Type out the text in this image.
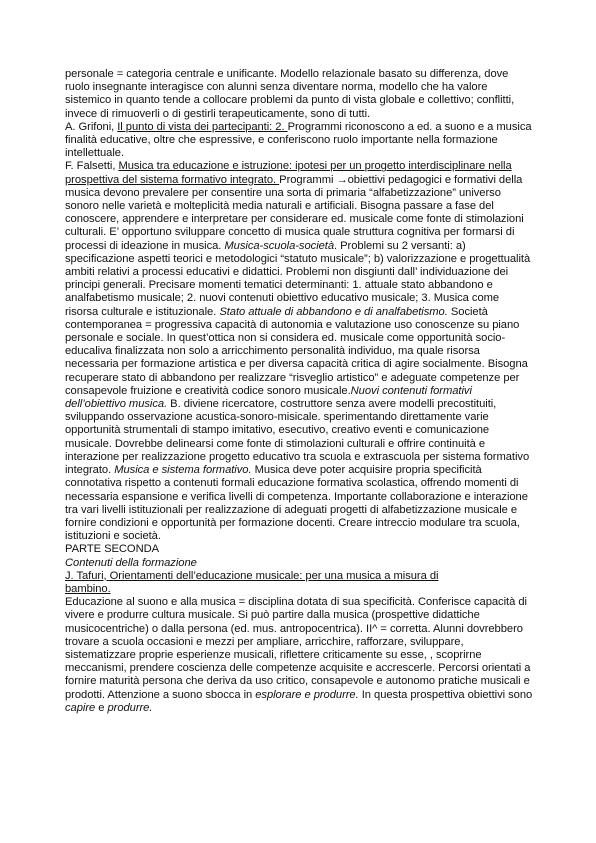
personale = categoria centrale e unificante. Modello relazionale basato su differenza, dove ruolo insegnante interagisce con alunni senza diventare norma, modello che ha valore sistemico in quanto tende a collocare problemi da punto di vista globale e collettivo; conflitti, invece di rimuoverli o di gestirli terapeuticamente, sono di tutti.

A. Grifoni, Il punto di vista dei partecipanti: 2. Programmi riconoscono a ed. a suono e a musica finalità educative, oltre che espressive, e conferiscono ruolo importante nella formazione intellettuale.

F. Falsetti, Musica tra educazione e istruzione: ipotesi per un progetto interdisciplinare nella prospettiva del sistema formativo integrato. Programmi →obiettivi pedagogici e formativi della musica devono prevalere per consentire una sorta di primaria “alfabetizzazione” universo sonoro nelle varietà e molteplicità media naturali e artificiali. Bisogna passare a fase del conoscere, apprendere e interpretare per considerare ed. musicale come fonte di stimolazioni culturali. E’ opportuno sviluppare concetto di musica quale struttura cognitiva per formarsi di processi di ideazione in musica. Musica-scuola-società. Problemi su 2 versanti: a) specificazione aspetti teorici e metodologici “statuto musicale”; b) valorizzazione e progettualità ambiti relativi a processi educativi e didattici. Problemi non disgiunti dall’ individuazione dei principi generali. Precisare momenti tematici determinanti: 1. attuale stato abbandono e analfabetismo musicale; 2. nuovi contenuti obiettivo educativo musicale; 3. Musica come risorsa culturale e istituzionale. Stato attuale di abbandono e di analfabetismo. Società contemporanea = progressiva capacità di autonomia e valutazione uso conoscenze su piano personale e sociale. In quest’ottica non si considera ed. musicale come opportunità socio-educaliva finalizzata non solo a arricchimento personalità individuo, ma quale risorsa necessaria per formazione artistica e per diversa capacità critica di agire socialmente. Bisogna recuperare stato di abbandono per realizzare “risveglio artistico” e adeguate competenze per consapevole fruizione e creatività codice sonoro musicale.Nuovi contenuti formativi dell’obiettivo musica. B. diviene ricercatore, costruttore senza avere modelli precostituiti, sviluppando osservazione acustica-sonoro-misicale. sperimentando direttamente varie opportunità strumentali di stampo imitativo, esecutivo, creativo eventi e comunicazione musicale. Dovrebbe delinearsi come fonte di stimolazioni culturali e offrire continuità e interazione per realizzazione progetto educativo tra scuola e extrascuola per sistema formativo integrato. Musica e sistema formativo. Musica deve poter acquisire propria specificità connotativa rispetto a contenuti formali educazione formativa scolastica, offrendo momenti di necessaria espansione e verifica livelli di competenza. Importante collaborazione e interazione tra vari livelli istituzionali per realizzazione di adeguati progetti di alfabetizzazione musicale e fornire condizioni e opportunità per formazione docenti. Creare intreccio modulare tra scuola, istituzioni e società.

PARTE SECONDA

Contenuti della formazione

J. Tafuri, Orientamenti dell’educazione musicale: per una musica a misura di bambino.

Educazione al suono e alla musica = disciplina dotata di sua specificità. Conferisce capacità di vivere e produrre cultura musicale. Si può partire dalla musica (prospettive didattiche musicocentriche) o dalla persona (ed. mus. antropocentrica). II^ = corretta. Alunni dovrebbero trovare a scuola occasioni e mezzi per ampliare, arricchire, rafforzare, sviluppare, sistematizzare proprie esperienze musicali, riflettere criticamente su esse, , scoprirne meccanismi, prendere coscienza delle competenze acquisite e accrescerle. Percorsi orientati a fornire maturità persona che deriva da uso critico, consapevole e autonomo pratiche musicali e prodotti. Attenzione a suono sbocca in esplorare e produrre. In questa prospettiva obiettivi sono capire e produrre.
